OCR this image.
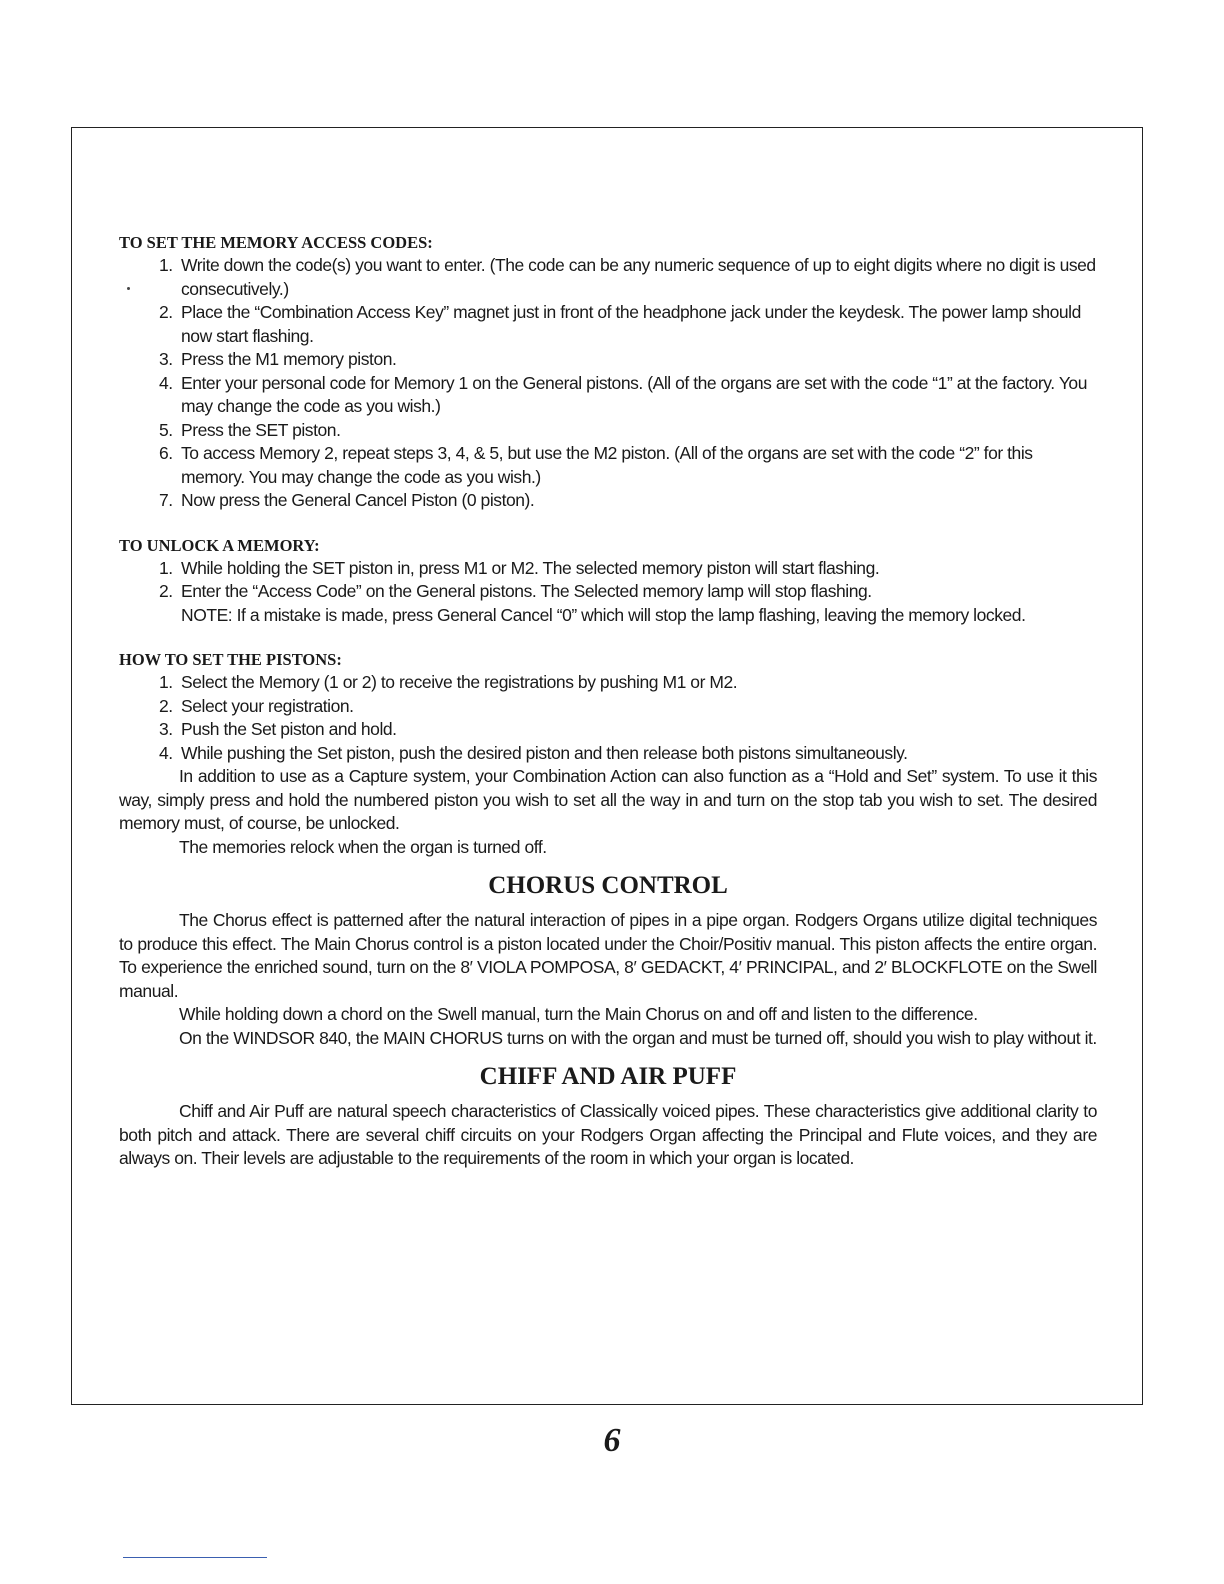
TO SET THE MEMORY ACCESS CODES:

1. Write down the code(s) you want to enter. (The code can be any numeric sequence of up to eight digits where no digit is used consecutively.)
2. Place the “Combination Access Key” magnet just in front of the headphone jack under the keydesk. The power lamp should now start flashing.
3. Press the M1 memory piston.
4. Enter your personal code for Memory 1 on the General pistons. (All of the organs are set with the code “1” at the factory. You may change the code as you wish.)
5. Press the SET piston.
6. To access Memory 2, repeat steps 3, 4, & 5, but use the M2 piston. (All of the organs are set with the code “2” for this memory. You may change the code as you wish.)
7. Now press the General Cancel Piston (0 piston).

TO UNLOCK A MEMORY:

1. While holding the SET piston in, press M1 or M2. The selected memory piston will start flashing.
2. Enter the “Access Code” on the General pistons. The Selected memory lamp will stop flashing.
NOTE: If a mistake is made, press General Cancel “0” which will stop the lamp flashing, leaving the memory locked.

HOW TO SET THE PISTONS:

1. Select the Memory (1 or 2) to receive the registrations by pushing M1 or M2.
2. Select your registration.
3. Push the Set piston and hold.
4. While pushing the Set piston, push the desired piston and then release both pistons simultaneously.

In addition to use as a Capture system, your Combination Action can also function as a “Hold and Set” system. To use it this way, simply press and hold the numbered piston you wish to set all the way in and turn on the stop tab you wish to set. The desired memory must, of course, be unlocked.

The memories relock when the organ is turned off.

CHORUS CONTROL

The Chorus effect is patterned after the natural interaction of pipes in a pipe organ. Rodgers Organs utilize digital techniques to produce this effect. The Main Chorus control is a piston located under the Choir/Positiv manual. This piston affects the entire organ. To experience the enriched sound, turn on the 8′ VIOLA POMPOSA, 8′ GEDACKT, 4′ PRINCIPAL, and 2′ BLOCKFLOTE on the Swell manual.

While holding down a chord on the Swell manual, turn the Main Chorus on and off and listen to the difference.

On the WINDSOR 840, the MAIN CHORUS turns on with the organ and must be turned off, should you wish to play without it.

CHIFF AND AIR PUFF

Chiff and Air Puff are natural speech characteristics of Classically voiced pipes. These characteristics give additional clarity to both pitch and attack. There are several chiff circuits on your Rodgers Organ affecting the Principal and Flute voices, and they are always on. Their levels are adjustable to the requirements of the room in which your organ is located.

6
